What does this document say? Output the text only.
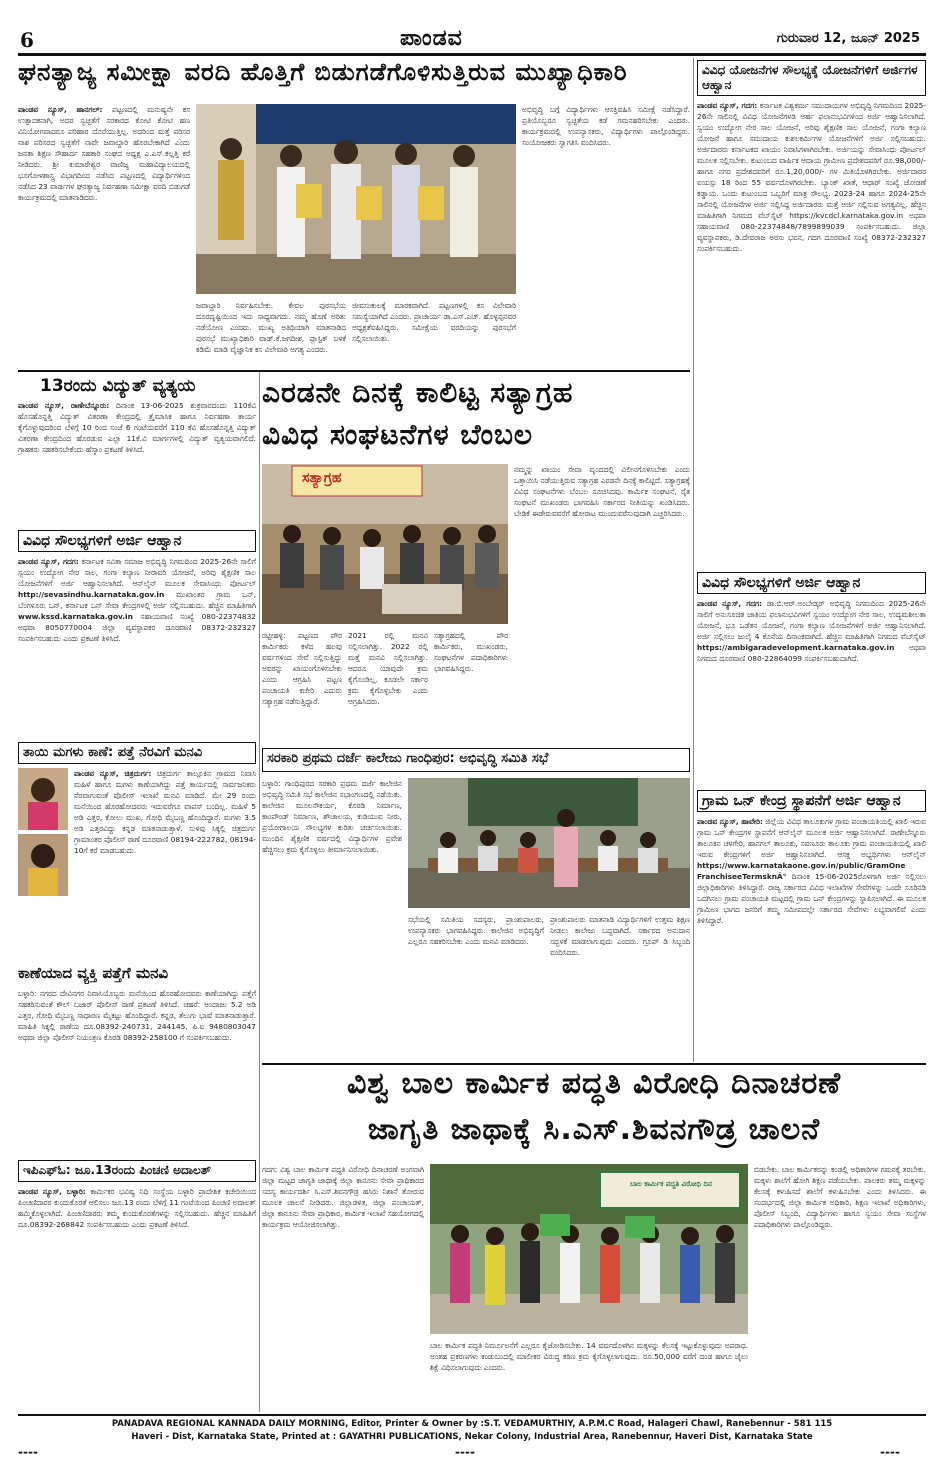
6	ಪಾಂಡವ	ಗುರುವಾರ 12, ಜೂನ್ 2025
ಘನತ್ಯಾಜ್ಯ ಸಮೀಕ್ಷಾ ವರದಿ ಹೊತ್ತಿಗೆ ಬಿಡುಗಡೆಗೊಳಿಸುತ್ತಿರುವ ಮುಖ್ಯಾಧಿಕಾರಿ
ಪಾಂಡವ ನ್ಯೂಸ್, ಹಾನಗಲ್: ಪಟ್ಟಣದಲ್ಲಿ ಮನುಷ್ಯನೇ ಕಸ ಉತ್ಪಾದಕನಾಗಿ, ಅದರ ಸ್ವಚ್ಛತೆಗೆ ಸರಕಾರದ ಕೋಟಿ ಕೋಟಿ ಹಣ ವಿನಿಯೋಗವಾದರೂ ಪರಿಹಾರ ದೊರೆಯುತ್ತಿಲ್ಲ. ಅದರಿಂದ ಮತ್ತೆ ಪರಿಸರ ನಾಶ ಪರಿಸರದ ಸ್ವಚ್ಛತೆಗೆ ನಾವೇ ಜವಾಬ್ದಾರಿ ಹೊರಬೇಕಾಗಿದೆ ಎಂದು ಜನತಾ ಶಿಕ್ಷಣ ಸೌಹಾರ್ದ ಸಹಕಾರಿ ಸಂಘದ ಅಧ್ಯಕ್ಷ ಎ.ಎಸ್.ಕಲ್ಲತ್ತಿ ಕರೆ ನೀಡಿದರು. ಶ್ರೀ ಕುಮಾರೇಶ್ವರ ವಾಣಿಜ್ಯ ಮಹಾವಿದ್ಯಾಲಯದಲ್ಲಿ ಭೂಗೋಳಶಾಸ್ತ್ರ ವಿಭಾಗದಿಂದ ನಡೆಸಿದ ಪಟ್ಟಣದಲ್ಲಿ ವಿದ್ಯಾರ್ಥಿಗಳಿಂದ ನಡೆಸಿದ 23 ವಾರ್ಡಗಳ ಘನತ್ಯಾಜ್ಯ ನಿರ್ವಹಣಾ ಸಮೀಕ್ಷಾ ವರದಿ ಬಿಡುಗಡೆ ಕಾರ್ಯಕ್ರಮದಲ್ಲಿ ಮಾತನಾಡಿದರು.
ಜವಾಬ್ದಾರಿ ನಿರ್ವಹಿಸಬೇಕು. ಕೇವಲ ಪುರಸಭೆಯ ದೂರದೃಷ್ಟಿಯಿಂದ ಇದು ಸಾಧ್ಯವಾಗದು. ನಮ್ಮ ಹೊಣೆ ಅರಿತು ನಡೆಯೋಣ ಎಂದರು. ಮುಖ್ಯ ಅತಿಥಿಯಾಗಿ ಮಾತನಾಡಿದ ಪುರಸಭೆ ಮುಖ್ಯಾಧಿಕಾರಿ ವಾಡ್.ಕೆ.ಜಗದೀಶ, ಪ್ಲಾಸ್ಟಿಕ್ ಬಳಕೆ ಕಡಿಮೆ ಮಾಡಿ ವೈಜ್ಞಾನಿಕ ಕಸ ವಿಲೇವಾರಿ ಅಗತ್ಯ ಎಂದರು.
ಜೀವಸಂಕುಲಕ್ಕೆ ಮಾರಕವಾಗಿದೆ. ಪಟ್ಟಣಗಳಲ್ಲಿ ಕಸ ವಿಲೇವಾರಿ ಸಮಸ್ಯೆಯಾಗಿದೆ ಎಂದರು. ಪ್ರಾಚಾರ್ಯ ಡಾ.ಎಸ್.ಎಚ್. ಹೊಳ್ಳಪ್ಪನವರ ಅಧ್ಯಕ್ಷತೆವಹಿಸಿದ್ದರು. ಸಮೀಕ್ಷೆಯ ವರದಿಯನ್ನು ಪುರಸಭೆಗೆ ಸಲ್ಲಿಸಲಾಯಿತು.
ಅಭಿವೃದ್ಧಿ ಬಗ್ಗೆ ವಿದ್ಯಾರ್ಥಿಗಳು ಆಸಕ್ತಿವಹಿಸಿ ಸಮೀಕ್ಷೆ ನಡೆಸಿದ್ದಾರೆ. ಪ್ರತಿಯೊಬ್ಬರೂ ಸ್ವಚ್ಛತೆಯ ಕಡೆ ಗಮನಹರಿಸಬೇಕು ಎಂದರು. ಕಾರ್ಯಕ್ರಮದಲ್ಲಿ ಉಪನ್ಯಾಸಕರು, ವಿದ್ಯಾರ್ಥಿಗಳು ಪಾಲ್ಗೊಂಡಿದ್ದರು. ಸಂಯೋಜಕರು ಸ್ವಾಗತಿಸಿ ವಂದಿಸಿದರು.
ವಿವಿಧ ಯೋಜನೆಗಳ ಸೌಲಭ್ಯಕ್ಕೆ ಯೋಜನೆಗಳಿಗೆ ಅರ್ಜಿಗಳ ಆಹ್ವಾನ
ಪಾಂಡವ ನ್ಯೂಸ್, ಗದಗ: ಕರ್ನಾಟಕ ವಿಶ್ವಕರ್ಮ ಸಮುದಾಯಗಳ ಅಭಿವೃದ್ಧಿ ನಿಗಮದಿಂದ 2025-26ನೇ ಸಾಲಿನಲ್ಲಿ ವಿವಿಧ ಯೋಜನೆಗಳಡಿ ಅರ್ಹ ಫಲಾನುಭವಿಗಳಿಂದ ಅರ್ಜಿ ಆಹ್ವಾನಿಸಲಾಗಿದೆ. ಸ್ವಯಂ ಉದ್ಯೋಗ ನೇರ ಸಾಲ ಯೋಜನೆ, ಅರಿವು ಶೈಕ್ಷಣಿಕ ಸಾಲ ಯೋಜನೆ, ಗಂಗಾ ಕಲ್ಯಾಣ ಯೋಜನೆ ಹಾಗೂ ಸಮುದಾಯ ಕುಶಲಕರ್ಮಿಗಳ ಯೋಜನೆಗಳಿಗೆ ಅರ್ಜಿ ಸಲ್ಲಿಸಬಹುದು. ಅರ್ಜಿದಾರರು ಕರ್ನಾಟಕದ ಖಾಯಂ ನಿವಾಸಿಗಳಾಗಿರಬೇಕು. ಅರ್ಜಿಯನ್ನು ಸೇವಾಸಿಂಧು ಪೋರ್ಟಲ್ ಮೂಲಕ ಸಲ್ಲಿಸಬೇಕು. ಕುಟುಂಬದ ವಾರ್ಷಿಕ ಆದಾಯ ಗ್ರಾಮೀಣ ಪ್ರದೇಶದವರಿಗೆ ರೂ.98,000/- ಹಾಗೂ ನಗರ ಪ್ರದೇಶದವರಿಗೆ ರೂ.1,20,000/- ಗಳ ಮಿತಿಯೊಳಗಿರಬೇಕು. ಅರ್ಜಿದಾರರ ವಯಸ್ಸು 18 ರಿಂದ 55 ವರ್ಷದೊಳಗಿರಬೇಕು. ಬ್ಯಾಂಕ್ ಖಾತೆ, ಆಧಾರ್ ಸಂಖ್ಯೆ ಜೋಡಣೆ ಕಡ್ಡಾಯ. ಒಂದು ಕುಟುಂಬದ ಒಬ್ಬರಿಗೆ ಮಾತ್ರ ಸೌಲಭ್ಯ. 2023-24 ಹಾಗೂ 2024-25ನೇ ಸಾಲಿನಲ್ಲಿ ಯೋಜನೆಗಳ ಅರ್ಜಿ ಸಲ್ಲಿಸಿದ್ದ ಅರ್ಜಿದಾರರು ಮತ್ತೆ ಅರ್ಜಿ ಸಲ್ಲಿಸುವ ಅಗತ್ಯವಿಲ್ಲ. ಹೆಚ್ಚಿನ ಮಾಹಿತಿಗಾಗಿ ನಿಗಮದ ವೆಬ್‌ಸೈಟ್ https://kvcdcl.karnataka.gov.in ಅಥವಾ ಸಹಾಯವಾಣಿ 080-22374848/7899899039 ಸಂಪರ್ಕಿಸಬಹುದು. ಜಿಲ್ಲಾ ವ್ಯವಸ್ಥಾಪಕರು, ಡಿ.ದೇವರಾಜ ಅರಸು ಭವನ, ಗದಗ ದೂರವಾಣಿ ಸಂಖ್ಯೆ 08372-232327 ಸಂಪರ್ಕಿಸಬಹುದು.
13ರಂದು ವಿದ್ಯುತ್ ವ್ಯತ್ಯಯ
ಪಾಂಡವ ನ್ಯೂಸ್, ರಾಣೇಬೆನ್ನೂರು: ದಿನಾಂಕ 13-06-2025 ಶುಕ್ರವಾರದಂದು 110ಕೆವಿ ಹೊಸಹೊನ್ನತ್ತಿ ವಿದ್ಯುತ್ ವಿತರಣಾ ಕೇಂದ್ರದಲ್ಲಿ ತ್ರೈಮಾಸಿಕ ಹಾಗೂ ನಿರ್ವಹಣಾ ಕಾರ್ಯ ಕೈಗೊಳ್ಳುವುದರಿಂದ ಬೆಳಿಗ್ಗೆ 10 ರಿಂದ ಸಂಜೆ 6 ಗಂಟೆಯವರೆಗೆ 110 ಕೆವಿ ಹೊಸಹೊನ್ನತ್ತಿ ವಿದ್ಯುತ್ ವಿತರಣಾ ಕೇಂದ್ರದಿಂದ ಹೊರಡುವ ಎಲ್ಲಾ 11ಕೆ.ವಿ ಮಾರ್ಗಗಳಲ್ಲಿ ವಿದ್ಯುತ್ ವ್ಯತ್ಯಯವಾಗಲಿದೆ. ಗ್ರಾಹಕರು ಸಹಕರಿಸಬೇಕೆಂದು ಹೆಸ್ಕಾಂ ಪ್ರಕಟಣೆ ತಿಳಿಸಿದೆ.
ವಿವಿಧ ಸೌಲಭ್ಯಗಳಿಗೆ ಅರ್ಜಿ ಆಹ್ವಾನ
ಪಾಂಡವ ನ್ಯೂಸ್, ಗದಗ: ಕರ್ನಾಟಕ ಸವಿತಾ ಸಮಾಜ ಅಭಿವೃದ್ಧಿ ನಿಗಮದಿಂದ 2025-26ನೇ ಸಾಲಿಗೆ ಸ್ವಯಂ ಉದ್ಯೋಗ ನೇರ ಸಾಲ, ಗಂಗಾ ಕಲ್ಯಾಣ ನೀರಾವರಿ ಯೋಜನೆ, ಅರಿವು ಶೈಕ್ಷಣಿಕ ಸಾಲ ಯೋಜನೆಗಳಿಗೆ ಅರ್ಜಿ ಆಹ್ವಾನಿಸಲಾಗಿದೆ. ಆನ್‌ಲೈನ್ ಮೂಲಕ ಸೇವಾಸಿಂಧು ಪೋರ್ಟಲ್ http://sevasindhu.karnataka.gov.in ಮುಖಾಂತರ ಗ್ರಾಮ ಒನ್, ಬೆಂಗಳೂರು ಒನ್, ಕರ್ನಾಟಕ ಒನ್ ಸೇವಾ ಕೇಂದ್ರಗಳಲ್ಲಿ ಅರ್ಜಿ ಸಲ್ಲಿಸಬಹುದು. ಹೆಚ್ಚಿನ ಮಾಹಿತಿಗಾಗಿ www.kssd.karnataka.gov.in ಸಹಾಯವಾಣಿ ಸಂಖ್ಯೆ 080-22374832 ಅಥವಾ 8050770004 ಜಿಲ್ಲಾ ವ್ಯವಸ್ಥಾಪಕರ ದೂರವಾಣಿ 08372-232327 ಸಂಪರ್ಕಿಸಬಹುದು ಎಂದು ಪ್ರಕಟಣೆ ತಿಳಿಸಿದೆ.
ಎರಡನೇ ದಿನಕ್ಕೆ ಕಾಲಿಟ್ಟ ಸತ್ಯಾಗ್ರಹ
ವಿವಿಧ ಸಂಘಟನೆಗಳ ಬೆಂಬಲ
ಸತ್ಯಾಗ್ರಹ
ನಮ್ಮನ್ನು ಖಾಯಂ ಸೇವಾ ವೃಂದದಲ್ಲಿ ವಿಲೀನಗೊಳಿಸಬೇಕು ಎಂದು ಒತ್ತಾಯಿಸಿ ನಡೆಯುತ್ತಿರುವ ಸತ್ಯಾಗ್ರಹ ಎರಡನೇ ದಿನಕ್ಕೆ ಕಾಲಿಟ್ಟಿದೆ. ಸತ್ಯಾಗ್ರಹಕ್ಕೆ ವಿವಿಧ ಸಂಘಟನೆಗಳು ಬೆಂಬಲ ಸೂಚಿಸಿದವು. ಕಾರ್ಮಿಕ ಸಂಘಟನೆ, ರೈತ ಸಂಘಟನೆ ಮುಖಂಡರು ಭಾಗವಹಿಸಿ ಸರ್ಕಾರದ ನೀತಿಯನ್ನು ಖಂಡಿಸಿದರು. ಬೇಡಿಕೆ ಈಡೇರುವವರೆಗೆ ಹೋರಾಟ ಮುಂದುವರೆಸುವುದಾಗಿ ಎಚ್ಚರಿಸಿದರು.
ರಟ್ಟೀಹಳ್ಳಿ: ಪಟ್ಟಣದ ಪೌರ ಕಾರ್ಮಿಕರು ಕಳೆದ ಹಲವು ವರ್ಷಗಳಿಂದ ಸೇವೆ ಸಲ್ಲಿಸುತ್ತಿದ್ದು ಅವರನ್ನು ಖಾಯಂಗೊಳಿಸಬೇಕು ಎಂದು ಆಗ್ರಹಿಸಿ ಪಟ್ಟಣ ಪಂಚಾಯತಿ ಕಚೇರಿ ಎದುರು ಸತ್ಯಾಗ್ರಹ ನಡೆಸುತ್ತಿದ್ದಾರೆ.
2021 ರಲ್ಲಿ ಮನವಿ ಸಲ್ಲಿಸಲಾಗಿತ್ತು. 2022 ರಲ್ಲಿ ಮತ್ತೆ ಮನವಿ ಸಲ್ಲಿಸಲಾಗಿತ್ತು. ಆದರೂ ಯಾವುದೇ ಕ್ರಮ ಕೈಗೊಂಡಿಲ್ಲ. ಕೂಡಲೇ ಸರ್ಕಾರ ಕ್ರಮ ಕೈಗೊಳ್ಳಬೇಕು ಎಂದು ಆಗ್ರಹಿಸಿದರು.
ಸತ್ಯಾಗ್ರಹದಲ್ಲಿ ಪೌರ ಕಾರ್ಮಿಕರು, ಮುಖಂಡರು, ಸಂಘಟನೆಗಳ ಪದಾಧಿಕಾರಿಗಳು ಭಾಗವಹಿಸಿದ್ದರು.
ವಿವಿಧ ಸೌಲಭ್ಯಗಳಿಗೆ ಅರ್ಜಿ ಆಹ್ವಾನ
ಪಾಂಡವ ನ್ಯೂಸ್, ಗದಗ: ಡಾ.ಬಿ.ಆರ್.ಅಂಬೇಡ್ಕರ್ ಅಭಿವೃದ್ಧಿ ನಿಗಮದಿಂದ 2025-26ನೇ ಸಾಲಿಗೆ ಅನುಸೂಚಿತ ಜಾತಿಯ ಫಲಾನುಭವಿಗಳಿಗೆ ಸ್ವಯಂ ಉದ್ಯೋಗ ನೇರ ಸಾಲ, ಉದ್ಯಮಶೀಲತಾ ಯೋಜನೆ, ಭೂ ಒಡೆತನ ಯೋಜನೆ, ಗಂಗಾ ಕಲ್ಯಾಣ ಯೋಜನೆಗಳಿಗೆ ಅರ್ಜಿ ಆಹ್ವಾನಿಸಲಾಗಿದೆ. ಅರ್ಜಿ ಸಲ್ಲಿಸಲು ಜುಲೈ 4 ಕೊನೆಯ ದಿನಾಂಕವಾಗಿದೆ. ಹೆಚ್ಚಿನ ಮಾಹಿತಿಗಾಗಿ ನಿಗಮದ ವೆಬ್‌ಸೈಟ್ https://ambigaradevelopment.karnataka.gov.in ಅಥವಾ ನಿಗಮದ ದೂರವಾಣಿ 080-22864099 ಸಂಪರ್ಕಿಸಬಹುದಾಗಿದೆ.
ಗ್ರಾಮ ಒನ್ ಕೇಂದ್ರ ಸ್ಥಾಪನೆಗೆ ಅರ್ಜಿ ಆಹ್ವಾನ
ಪಾಂಡವ ನ್ಯೂಸ್, ಹಾವೇರಿ: ಜಿಲ್ಲೆಯ ವಿವಿಧ ತಾಲೂಕುಗಳ ಗ್ರಾಮ ಪಂಚಾಯತಿಯಲ್ಲಿ ಖಾಲಿ ಇರುವ ಗ್ರಾಮ ಒನ್ ಕೇಂದ್ರಗಳ ಸ್ಥಾಪನೆಗೆ ಆನ್‌ಲೈನ್ ಮೂಲಕ ಅರ್ಜಿ ಆಹ್ವಾನಿಸಲಾಗಿದೆ. ರಾಣೇಬೆನ್ನೂರು ತಾಲೂಕಿನ ಚಳಗೇರಿ, ಹಾನಗಲ್ ತಾಲೂಕು, ಸವಣೂರು ತಾಲೂಕು ಗ್ರಾಮ ಪಂಚಾಯತಿಯಲ್ಲಿ ಖಾಲಿ ಇರುವ ಕೇಂದ್ರಗಳಿಗೆ ಅರ್ಜಿ ಆಹ್ವಾನಿಸಲಾಗಿದೆ. ಆಸಕ್ತ ಅಭ್ಯರ್ಥಿಗಳು ಆನ್‌ಲೈನ್ https://www.karnatakaone.gov.in/public/GramOne FranchiseeTermsknÃ° ದಿನಾಂಕ 15-06-2025ರೊಳಗಾಗಿ ಅರ್ಜಿ ಸಲ್ಲಿಸಲು ಜಿಲ್ಲಾಧಿಕಾರಿಗಳು ತಿಳಿಸಿದ್ದಾರೆ. ರಾಜ್ಯ ಸರ್ಕಾರದ ವಿವಿಧ ಇಲಾಖೆಗಳ ಸೇವೆಗಳನ್ನು ಒಂದೇ ಸೂರಿನಡಿ ಒದಗಿಸಲು ಗ್ರಾಮ ಪಂಚಾಯತಿ ಮಟ್ಟದಲ್ಲಿ ಗ್ರಾಮ ಒನ್ ಕೇಂದ್ರಗಳನ್ನು ಸ್ಥಾಪಿಸಲಾಗಿದೆ. ಈ ಮೂಲಕ ಗ್ರಾಮೀಣ ಭಾಗದ ಜನರಿಗೆ ತಮ್ಮ ಸಮೀಪದಲ್ಲೇ ಸರ್ಕಾರದ ಸೇವೆಗಳು ಲಭ್ಯವಾಗಲಿವೆ ಎಂದು ತಿಳಿಸಿದ್ದಾರೆ.
ತಾಯಿ ಮಗಳು ಕಾಣೆ: ಪತ್ತೆ ನೆರವಿಗೆ ಮನವಿ
ಪಾಂಡವ ನ್ಯೂಸ್, ಚಿತ್ರದುರ್ಗ: ಚಿತ್ರದುರ್ಗ ತಾಲ್ಲೂಕಿನ ಗ್ರಾಮದ ನಿವಾಸಿ ಮಹಿಳೆ ಹಾಗೂ ಮಗಳು ಕಾಣೆಯಾಗಿದ್ದು ಪತ್ತೆ ಕಾರ್ಯದಲ್ಲಿ ಸಾರ್ವಜನಿಕರು ನೆರವಾಗುವಂತೆ ಪೊಲೀಸ್ ಇಲಾಖೆ ಮನವಿ ಮಾಡಿದೆ. ಮೇ 29 ರಂದು ಮನೆಯಿಂದ ಹೊರಹೋದವರು ಇದುವರೆಗೂ ವಾಪಸ್ ಬಂದಿಲ್ಲ. ಮಹಿಳೆ 5 ಅಡಿ ಎತ್ತರ, ಕೋಲು ಮುಖ, ಗೋಧಿ ಮೈಬಣ್ಣ ಹೊಂದಿದ್ದಾರೆ. ಮಗಳು 3.5 ಅಡಿ ಎತ್ತರವಿದ್ದು ಕನ್ನಡ ಮಾತನಾಡುತ್ತಾಳೆ. ಸುಳಿವು ಸಿಕ್ಕಲ್ಲಿ ಚಿತ್ರದುರ್ಗ ಗ್ರಾಮಾಂತರ ಪೊಲೀಸ್ ಠಾಣೆ ದೂರವಾಣಿ 08194-222782, 08194-10ಗೆ ಕರೆ ಮಾಡಬಹುದು.
ಕಾಣೆಯಾದ ವ್ಯಕ್ತಿ ಪತ್ತೆಗೆ ಮನವಿ
ಬಳ್ಳಾರಿ: ನಗರದ ದೇವಿನಗರ ನಿವಾಸಿಯೊಬ್ಬರು ಮನೆಯಿಂದ ಹೊರಹೋದವರು ಕಾಣೆಯಾಗಿದ್ದು ಪತ್ತೆಗೆ ಸಹಕರಿಸುವಂತೆ ಕೌಲ್ ಬಜಾರ್ ಪೊಲೀಸ್ ಠಾಣೆ ಪ್ರಕಟಣೆ ತಿಳಿಸಿದೆ. ಚಹರೆ: ಅಂದಾಜು 5.2 ಅಡಿ ಎತ್ತರ, ಗೋಧಿ ಮೈಬಣ್ಣ ಸಾಧಾರಣ ಮೈಕಟ್ಟು ಹೊಂದಿದ್ದಾರೆ. ಕನ್ನಡ, ತೆಲುಗು ಭಾಷೆ ಮಾತನಾಡುತ್ತಾರೆ. ಮಾಹಿತಿ ಸಿಕ್ಕಲ್ಲಿ ಠಾಣೆಯ ದೂ.08392-240731, 244145, ಪಿ.ಐ 9480803047 ಅಥವಾ ಜಿಲ್ಲಾ ಪೊಲೀಸ್ ನಿಯಂತ್ರಣ ಕೊಠಡಿ 08392-258100 ಗೆ ಸಂಪರ್ಕಿಸಬಹುದು.
ಇಪಿಎಫ್ಓ: ಜೂ.13ರಂದು ಪಿಂಚಣಿ ಅದಾಲತ್
ಪಾಂಡವ ನ್ಯೂಸ್, ಬಳ್ಳಾರಿ: ಕಾರ್ಮಿಕರ ಭವಿಷ್ಯ ನಿಧಿ ಸಂಸ್ಥೆಯ ಬಳ್ಳಾರಿ ಪ್ರಾದೇಶಿಕ ಕಚೇರಿಯಿಂದ ಪಿಂಚಣಿದಾರರ ಕುಂದುಕೊರತೆ ಆಲಿಸಲು ಜೂ.13 ರಂದು ಬೆಳಿಗ್ಗೆ 11 ಗಂಟೆಯಿಂದ ಪಿಂಚಣಿ ಅದಾಲತ್ ಹಮ್ಮಿಕೊಳ್ಳಲಾಗಿದೆ. ಪಿಂಚಣಿದಾರರು ತಮ್ಮ ಕುಂದುಕೊರತೆಗಳನ್ನು ಸಲ್ಲಿಸಬಹುದು. ಹೆಚ್ಚಿನ ಮಾಹಿತಿಗೆ ದೂ.08392-268842 ಸಂಪರ್ಕಿಸಬಹುದು ಎಂದು ಪ್ರಕಟಣೆ ತಿಳಿಸಿದೆ.
ಸರಕಾರಿ ಪ್ರಥಮ ದರ್ಜೆ ಕಾಲೇಜು ಗಾಂಧಿಪುರ: ಅಭಿವೃದ್ಧಿ ಸಮಿತಿ ಸಭೆ
ಬಳ್ಳಾರಿ: ಗಾಂಧಿಪುರದ ಸರಕಾರಿ ಪ್ರಥಮ ದರ್ಜೆ ಕಾಲೇಜಿನ ಅಭಿವೃದ್ಧಿ ಸಮಿತಿ ಸಭೆ ಕಾಲೇಜಿನ ಸಭಾಂಗಣದಲ್ಲಿ ನಡೆಯಿತು. ಕಾಲೇಜಿನ ಮೂಲಸೌಕರ್ಯ, ಕೊಠಡಿ ನಿರ್ಮಾಣ, ಕಾಂಪೌಂಡ್ ನಿರ್ಮಾಣ, ಶೌಚಾಲಯ, ಕುಡಿಯುವ ನೀರು, ಪ್ರಯೋಗಾಲಯ ಸೌಲಭ್ಯಗಳ ಕುರಿತು ಚರ್ಚಿಸಲಾಯಿತು. ಮುಂದಿನ ಶೈಕ್ಷಣಿಕ ವರ್ಷದಲ್ಲಿ ವಿದ್ಯಾರ್ಥಿಗಳ ಪ್ರವೇಶ ಹೆಚ್ಚಿಸಲು ಕ್ರಮ ಕೈಗೊಳ್ಳಲು ತೀರ್ಮಾನಿಸಲಾಯಿತು.
ಸಭೆಯಲ್ಲಿ ಸಮಿತಿಯ ಸದಸ್ಯರು, ಪ್ರಾಂಶುಪಾಲರು, ಉಪನ್ಯಾಸಕರು ಭಾಗವಹಿಸಿದ್ದರು. ಕಾಲೇಜಿನ ಅಭಿವೃದ್ಧಿಗೆ ಎಲ್ಲರೂ ಸಹಕರಿಸಬೇಕು ಎಂದು ಮನವಿ ಮಾಡಿದರು.
ಪ್ರಾಂಶುಪಾಲರು ಮಾತನಾಡಿ ವಿದ್ಯಾರ್ಥಿಗಳಿಗೆ ಉತ್ತಮ ಶಿಕ್ಷಣ ನೀಡಲು ಕಾಲೇಜು ಬದ್ಧವಾಗಿದೆ. ಸರ್ಕಾರದ ಅನುದಾನ ಸದ್ಬಳಕೆ ಮಾಡಲಾಗುವುದು ಎಂದರು. ಗ್ರೂಪ್ ಡಿ ಸಿಬ್ಬಂದಿ ವಂದಿಸಿದರು.
ವಿಶ್ವ ಬಾಲ ಕಾರ್ಮಿಕ ಪದ್ಧತಿ ವಿರೋಧಿ ದಿನಾಚರಣೆ
ಜಾಗೃತಿ ಜಾಥಾಕ್ಕೆ ಸಿ.ಎಸ್.ಶಿವನಗೌಡ್ರ ಚಾಲನೆ
ಗದಗ: ವಿಶ್ವ ಬಾಲ ಕಾರ್ಮಿಕ ಪದ್ಧತಿ ವಿರೋಧಿ ದಿನಾಚರಣೆ ಅಂಗವಾಗಿ ಜಿಲ್ಲಾ ಮಟ್ಟದ ಜಾಗೃತಿ ಜಾಥಾಕ್ಕೆ ಜಿಲ್ಲಾ ಕಾನೂನು ಸೇವಾ ಪ್ರಾಧಿಕಾರದ ಸದಸ್ಯ ಕಾರ್ಯದರ್ಶಿ ಸಿ.ಎಸ್.ಶಿವನಗೌಡ್ರ ಹಸಿರು ನಿಶಾನೆ ತೋರುವ ಮೂಲಕ ಚಾಲನೆ ನೀಡಿದರು. ಜಿಲ್ಲಾಡಳಿತ, ಜಿಲ್ಲಾ ಪಂಚಾಯತ್, ಜಿಲ್ಲಾ ಕಾನೂನು ಸೇವಾ ಪ್ರಾಧಿಕಾರ, ಕಾರ್ಮಿಕ ಇಲಾಖೆ ಸಹಯೋಗದಲ್ಲಿ ಕಾರ್ಯಕ್ರಮ ಆಯೋಜಿಸಲಾಗಿತ್ತು.
ಬಾಲ ಕಾರ್ಮಿಕ ಪದ್ಧತಿ ವಿರೋಧಿ ದಿನ
ಬಾಲ ಕಾರ್ಮಿಕ ಪದ್ಧತಿ ನಿರ್ಮೂಲನೆಗೆ ಎಲ್ಲರೂ ಕೈಜೋಡಿಸಬೇಕು. 14 ವರ್ಷದೊಳಗಿನ ಮಕ್ಕಳನ್ನು ಕೆಲಸಕ್ಕೆ ಇಟ್ಟುಕೊಳ್ಳುವುದು ಅಪರಾಧ. ಅಂತಹ ಪ್ರಕರಣಗಳು ಕಂಡುಬಂದಲ್ಲಿ ಮಾಲೀಕರ ವಿರುದ್ಧ ಕಠಿಣ ಕ್ರಮ ಕೈಗೊಳ್ಳಲಾಗುವುದು. ರೂ.50,000 ವರೆಗೆ ದಂಡ ಹಾಗೂ ಜೈಲು ಶಿಕ್ಷೆ ವಿಧಿಸಲಾಗುವುದು ಎಂದರು.
ಬಿಡಬೇಕು. ಬಾಲ ಕಾರ್ಮಿಕರನ್ನು ಕಂಡಲ್ಲಿ ಅಧಿಕಾರಿಗಳ ಗಮನಕ್ಕೆ ತರಬೇಕು. ಮಕ್ಕಳು ಶಾಲೆಗೆ ಹೋಗಿ ಶಿಕ್ಷಣ ಪಡೆಯಬೇಕು. ಪಾಲಕರು ತಮ್ಮ ಮಕ್ಕಳನ್ನು ಕೆಲಸಕ್ಕೆ ಕಳುಹಿಸದೆ ಶಾಲೆಗೆ ಕಳುಹಿಸಬೇಕು ಎಂದು ತಿಳಿಸಿದರು. ಈ ಸಂದರ್ಭದಲ್ಲಿ ಜಿಲ್ಲಾ ಕಾರ್ಮಿಕ ಅಧಿಕಾರಿ, ಶಿಕ್ಷಣ ಇಲಾಖೆ ಅಧಿಕಾರಿಗಳು, ಪೊಲೀಸ್ ಸಿಬ್ಬಂದಿ, ವಿದ್ಯಾರ್ಥಿಗಳು ಹಾಗೂ ಸ್ವಯಂ ಸೇವಾ ಸಂಸ್ಥೆಗಳ ಪದಾಧಿಕಾರಿಗಳು ಪಾಲ್ಗೊಂಡಿದ್ದರು.
PANADAVA REGIONAL KANNADA DAILY MORNING, Editor, Printer & Owner by :S.T. VEDAMURTHIY, A.P.M.C Road, Halageri Chawl, Ranebennur - 581 115
Haveri - Dist, Karnataka State, Printed at : GAYATHRI PUBLICATIONS, Nekar Colony, Industrial Area, Ranebennur, Haveri Dist, Karnataka State
----	----	----
